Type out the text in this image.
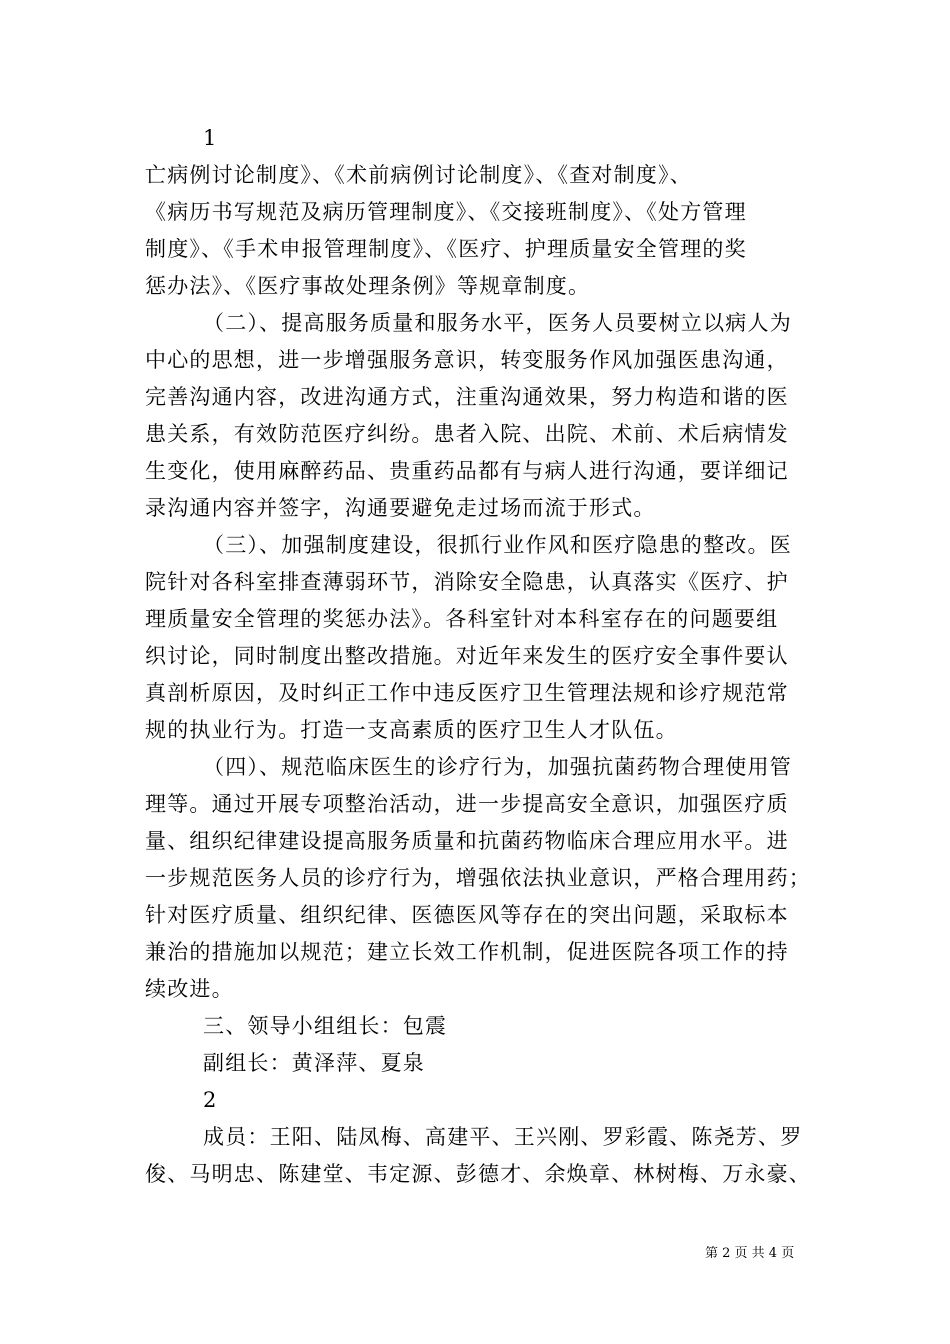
1
亡病例讨论制度》、《术前病例讨论制度》、《查对制度》、
《病历书写规范及病历管理制度》、《交接班制度》、《处方管理
制度》、《手术申报管理制度》、《医疗、护理质量安全管理的奖
惩办法》、《医疗事故处理条例》等规章制度。
（二）、提高服务质量和服务水平，医务人员要树立以病人为
中心的思想，进一步增强服务意识，转变服务作风加强医患沟通，
完善沟通内容，改进沟通方式，注重沟通效果，努力构造和谐的医
患关系，有效防范医疗纠纷。患者入院、出院、术前、术后病情发
生变化，使用麻醉药品、贵重药品都有与病人进行沟通，要详细记
录沟通内容并签字，沟通要避免走过场而流于形式。
（三）、加强制度建设，很抓行业作风和医疗隐患的整改。医
院针对各科室排查薄弱环节，消除安全隐患，认真落实《医疗、护
理质量安全管理的奖惩办法》。各科室针对本科室存在的问题要组
织讨论，同时制度出整改措施。对近年来发生的医疗安全事件要认
真剖析原因，及时纠正工作中违反医疗卫生管理法规和诊疗规范常
规的执业行为。打造一支高素质的医疗卫生人才队伍。
（四）、规范临床医生的诊疗行为，加强抗菌药物合理使用管
理等。通过开展专项整治活动，进一步提高安全意识，加强医疗质
量、组织纪律建设提高服务质量和抗菌药物临床合理应用水平。进
一步规范医务人员的诊疗行为，增强依法执业意识，严格合理用药；
针对医疗质量、组织纪律、医德医风等存在的突出问题，采取标本
兼治的措施加以规范；建立长效工作机制，促进医院各项工作的持
续改进。
三、领导小组组长：包震
副组长：黄泽萍、夏泉
2
成员：王阳、陆凤梅、高建平、王兴刚、罗彩霞、陈尧芳、罗
俊、马明忠、陈建堂、韦定源、彭德才、余焕章、林树梅、万永豪、
第 2 页 共 4 页
